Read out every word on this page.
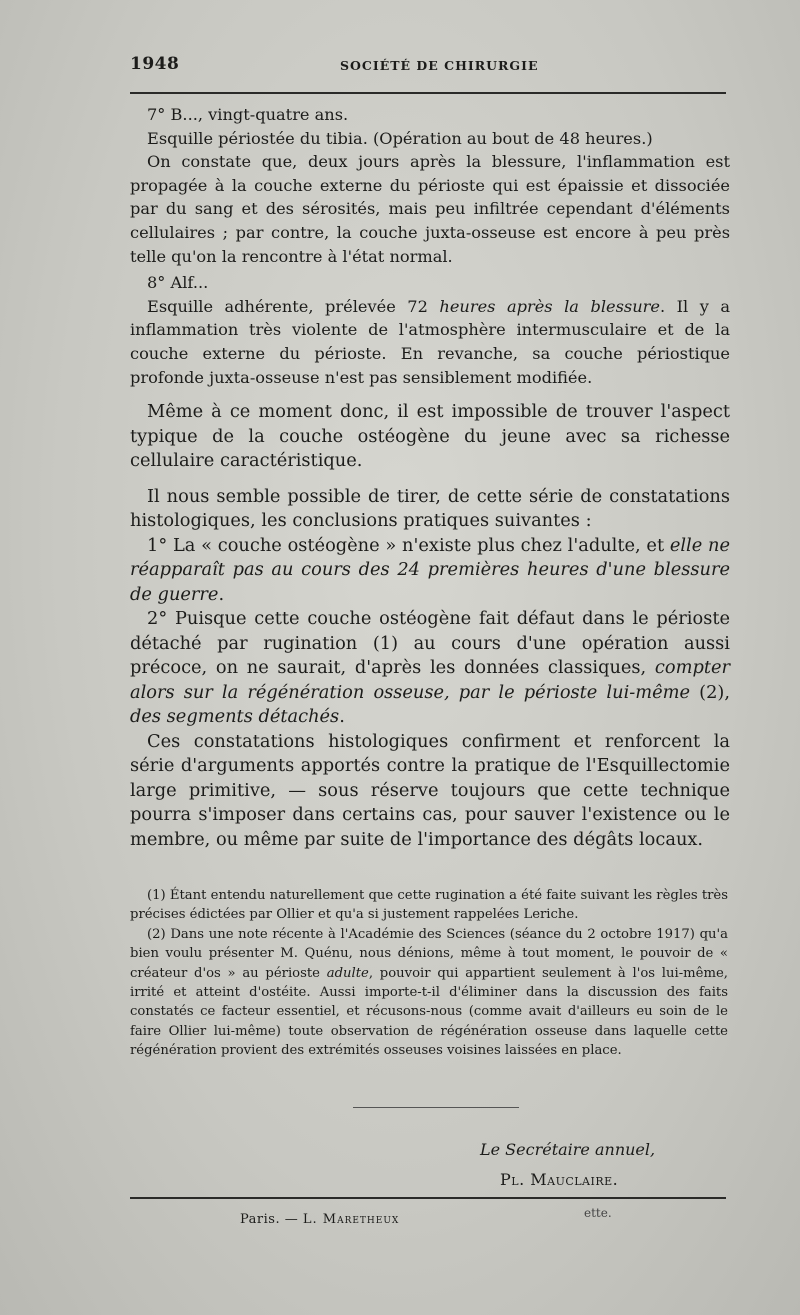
1948	SOCIÉTÉ DE CHIRURGIE

7° B..., vingt-quatre ans.

Esquille périostée du tibia. (Opération au bout de 48 heures.)

On constate que, deux jours après la blessure, l'inflammation est propagée à la couche externe du périoste qui est épaissie et dissociée par du sang et des sérosités, mais peu infiltrée cependant d'éléments cellulaires ; par contre, la couche juxta-osseuse est encore à peu près telle qu'on la rencontre à l'état normal.

8° Alf...

Esquille adhérente, prélevée 72 heures après la blessure. Il y a inflammation très violente de l'atmosphère intermusculaire et de la couche externe du périoste. En revanche, sa couche périostique profonde juxta-osseuse n'est pas sensiblement modifiée.

Même à ce moment donc, il est impossible de trouver l'aspect typique de la couche ostéogène du jeune avec sa richesse cellulaire caractéristique.

Il nous semble possible de tirer, de cette série de constatations histologiques, les conclusions pratiques suivantes :

1° La « couche ostéogène » n'existe plus chez l'adulte, et elle ne réapparaît pas au cours des 24 premières heures d'une blessure de guerre.

2° Puisque cette couche ostéogène fait défaut dans le périoste détaché par rugination (1) au cours d'une opération aussi précoce, on ne saurait, d'après les données classiques, compter alors sur la régénération osseuse, par le périoste lui-même (2), des segments détachés.

Ces constatations histologiques confirment et renforcent la série d'arguments apportés contre la pratique de l'Esquillectomie large primitive, — sous réserve toujours que cette technique pourra s'imposer dans certains cas, pour sauver l'existence ou le membre, ou même par suite de l'importance des dégâts locaux.

(1) Étant entendu naturellement que cette rugination a été faite suivant les règles très précises édictées par Ollier et qu'a si justement rappelées Leriche.

(2) Dans une note récente à l'Académie des Sciences (séance du 2 octobre 1917) qu'a bien voulu présenter M. Quénu, nous dénions, même à tout moment, le pouvoir de « créateur d'os » au périoste adulte, pouvoir qui appartient seulement à l'os lui-même, irrité et atteint d'ostéite. Aussi importe-t-il d'éliminer dans la discussion des faits constatés ce facteur essentiel, et récusons-nous (comme avait d'ailleurs eu soin de le faire Ollier lui-même) toute observation de régénération osseuse dans laquelle cette régénération provient des extrémités osseuses voisines laissées en place.

Le Secrétaire annuel,
Pl. Mauclaire.
Paris. — L. Maretheux	ette.
